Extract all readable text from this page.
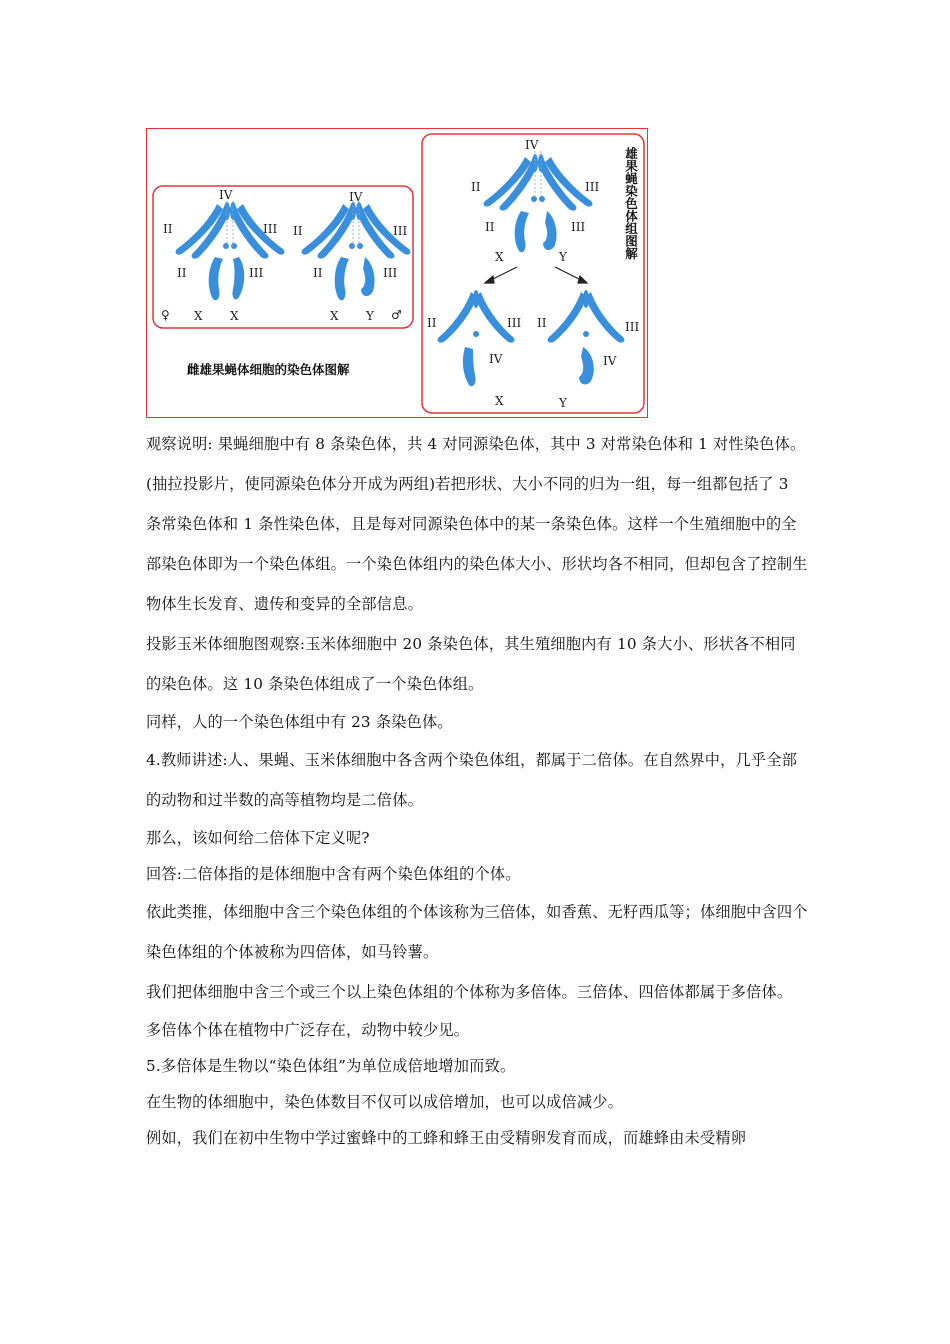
IV
II	III
II	III
♀ X X
IV
II	III
II	III
X Y ♂
雌雄果蝇体细胞的染色体图解
IV
II	III
II	III
X	Y
II	III
IV
X
II	III
IV
Y
雄果蝇染色体组图解

观察说明: 果蝇细胞中有 8 条染色体，共 4 对同源染色体，其中 3 对常染色体和 1 对性染色体。(抽拉投影片，使同源染色体分开成为两组)若把形状、大小不同的归为一组，每一组都包括了 3 条常染色体和 1 条性染色体，且是每对同源染色体中的某一条染色体。这样一个生殖细胞中的全部染色体即为一个染色体组。一个染色体组内的染色体大小、形状均各不相同，但却包含了控制生物体生长发育、遗传和变异的全部信息。

投影玉米体细胞图观察:玉米体细胞中 20 条染色体，其生殖细胞内有 10 条大小、形状各不相同的染色体。这 10 条染色体组成了一个染色体组。

同样，人的一个染色体组中有 23 条染色体。

4.教师讲述:人、果蝇、玉米体细胞中各含两个染色体组，都属于二倍体。在自然界中，几乎全部的动物和过半数的高等植物均是二倍体。

那么，该如何给二倍体下定义呢?

回答:二倍体指的是体细胞中含有两个染色体组的个体。

依此类推，体细胞中含三个染色体组的个体该称为三倍体，如香蕉、无籽西瓜等；体细胞中含四个染色体组的个体被称为四倍体，如马铃薯。

我们把体细胞中含三个或三个以上染色体组的个体称为多倍体。三倍体、四倍体都属于多倍体。

多倍体个体在植物中广泛存在，动物中较少见。

5.多倍体是生物以“染色体组”为单位成倍地增加而致。

在生物的体细胞中，染色体数目不仅可以成倍增加，也可以成倍减少。

例如，我们在初中生物中学过蜜蜂中的工蜂和蜂王由受精卵发育而成，而雄蜂由未受精卵
